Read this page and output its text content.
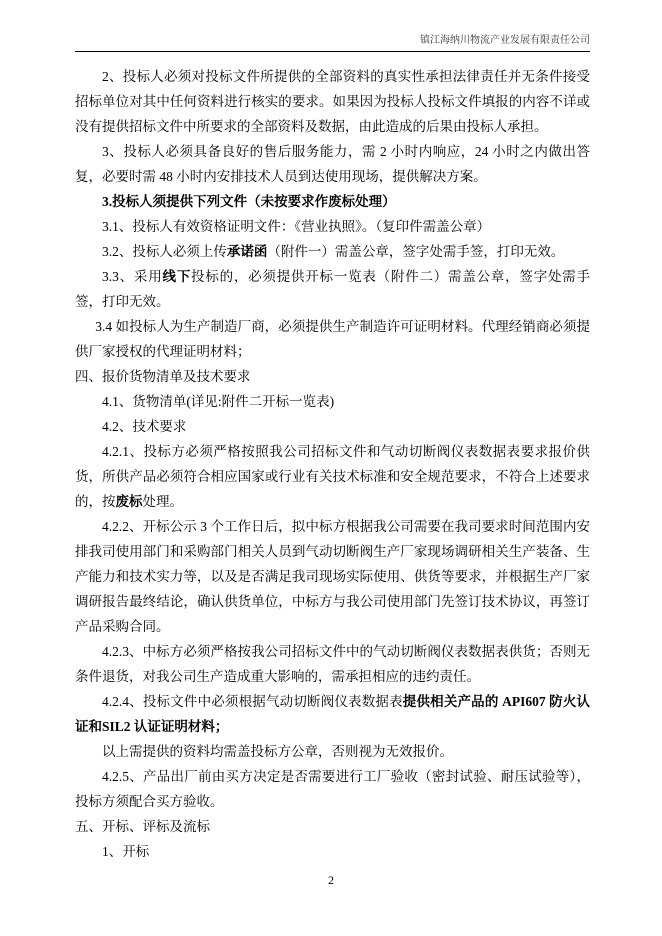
镇江海纳川物流产业发展有限责任公司

2、投标人必须对投标文件所提供的全部资料的真实性承担法律责任并无条件接受招标单位对其中任何资料进行核实的要求。如果因为投标人投标文件填报的内容不详或没有提供招标文件中所要求的全部资料及数据，由此造成的后果由投标人承担。

3、投标人必须具备良好的售后服务能力，需 2 小时内响应，24 小时之内做出答复，必要时需 48 小时内安排技术人员到达使用现场，提供解决方案。

3.投标人须提供下列文件（未按要求作废标处理）

3.1、投标人有效资格证明文件：《营业执照》。（复印件需盖公章）

3.2、投标人必须上传承诺函（附件一）需盖公章，签字处需手签，打印无效。

3.3、采用线下投标的，必须提供开标一览表（附件二）需盖公章，签字处需手签，打印无效。

3.4 如投标人为生产制造厂商，必须提供生产制造许可证明材料。代理经销商必须提供厂家授权的代理证明材料；

四、报价货物清单及技术要求

4.1、货物清单(详见:附件二开标一览表)

4.2、技术要求

4.2.1、投标方必须严格按照我公司招标文件和气动切断阀仪表数据表要求报价供货，所供产品必须符合相应国家或行业有关技术标准和安全规范要求，不符合上述要求的，按废标处理。

4.2.2、开标公示 3 个工作日后，拟中标方根据我公司需要在我司要求时间范围内安排我司使用部门和采购部门相关人员到气动切断阀生产厂家现场调研相关生产装备、生产能力和技术实力等，以及是否满足我司现场实际使用、供货等要求，并根据生产厂家调研报告最终结论，确认供货单位，中标方与我公司使用部门先签订技术协议，再签订产品采购合同。

4.2.3、中标方必须严格按我公司招标文件中的气动切断阀仪表数据表供货；否则无条件退货，对我公司生产造成重大影响的，需承担相应的违约责任。

4.2.4、投标文件中必须根据气动切断阀仪表数据表提供相关产品的 API607 防火认证和SIL2 认证证明材料；

以上需提供的资料均需盖投标方公章，否则视为无效报价。

4.2.5、产品出厂前由买方决定是否需要进行工厂验收（密封试验、耐压试验等），投标方须配合买方验收。

五、开标、评标及流标

1、开标

2
